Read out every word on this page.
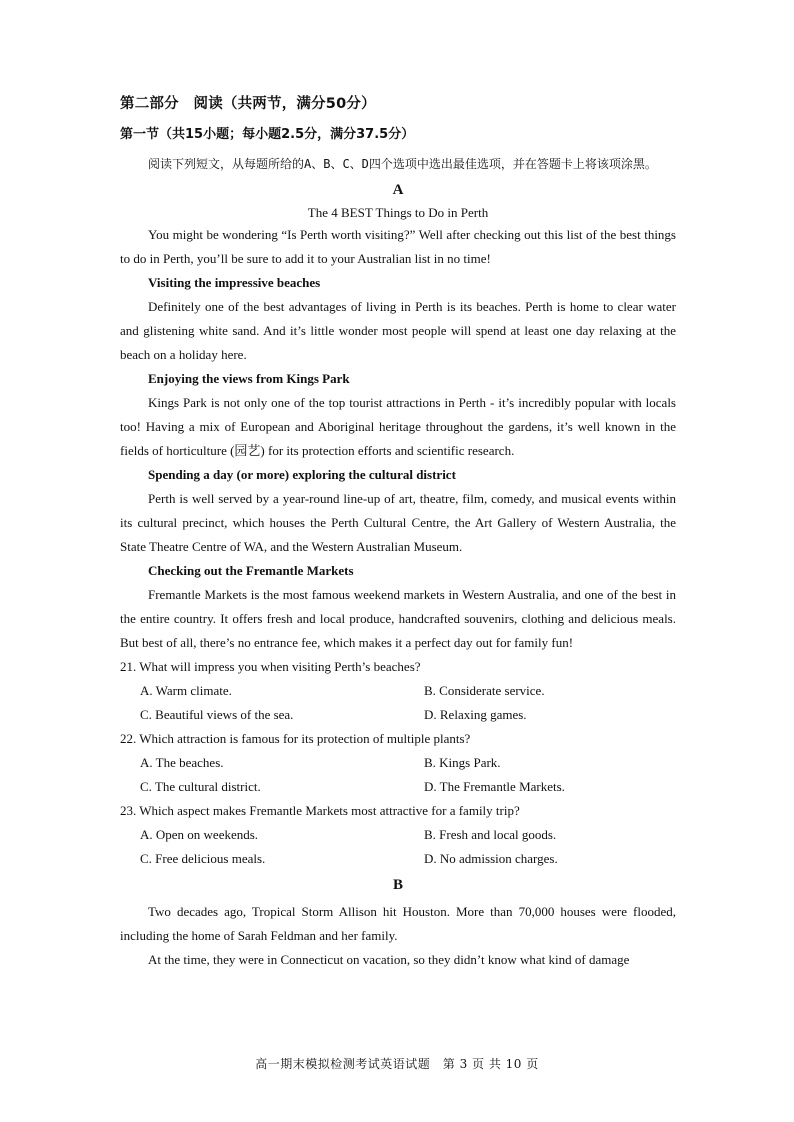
第二部分　阅读（共两节，满分50分）
第一节（共15小题；每小题2.5分，满分37.5分）

阅读下列短文，从每题所给的A、B、C、D四个选项中选出最佳选项，并在答题卡上将该项涂黑。

A
The 4 BEST Things to Do in Perth

You might be wondering “Is Perth worth visiting?” Well after checking out this list of the best things to do in Perth, you’ll be sure to add it to your Australian list in no time!

Visiting the impressive beaches

Definitely one of the best advantages of living in Perth is its beaches. Perth is home to clear water and glistening white sand. And it’s little wonder most people will spend at least one day relaxing at the beach on a holiday here.

Enjoying the views from Kings Park

Kings Park is not only one of the top tourist attractions in Perth - it’s incredibly popular with locals too! Having a mix of European and Aboriginal heritage throughout the gardens, it’s well known in the fields of horticulture (园艺) for its protection efforts and scientific research.

Spending a day (or more) exploring the cultural district

Perth is well served by a year-round line-up of art, theatre, film, comedy, and musical events within its cultural precinct, which houses the Perth Cultural Centre, the Art Gallery of Western Australia, the State Theatre Centre of WA, and the Western Australian Museum.

Checking out the Fremantle Markets

Fremantle Markets is the most famous weekend markets in Western Australia, and one of the best in the entire country. It offers fresh and local produce, handcrafted souvenirs, clothing and delicious meals. But best of all, there’s no entrance fee, which makes it a perfect day out for family fun!

21. What will impress you when visiting Perth’s beaches?
A. Warm climate.	B. Considerate service.
C. Beautiful views of the sea.	D. Relaxing games.
22. Which attraction is famous for its protection of multiple plants?
A. The beaches.	B. Kings Park.
C. The cultural district.	D. The Fremantle Markets.
23. Which aspect makes Fremantle Markets most attractive for a family trip?
A. Open on weekends.	B. Fresh and local goods.
C. Free delicious meals.	D. No admission charges.
B

Two decades ago, Tropical Storm Allison hit Houston. More than 70,000 houses were flooded, including the home of Sarah Feldman and her family.

At the time, they were in Connecticut on vacation, so they didn’t know what kind of damage

高一期末模拟检测考试英语试题　第 3 页 共 10 页
